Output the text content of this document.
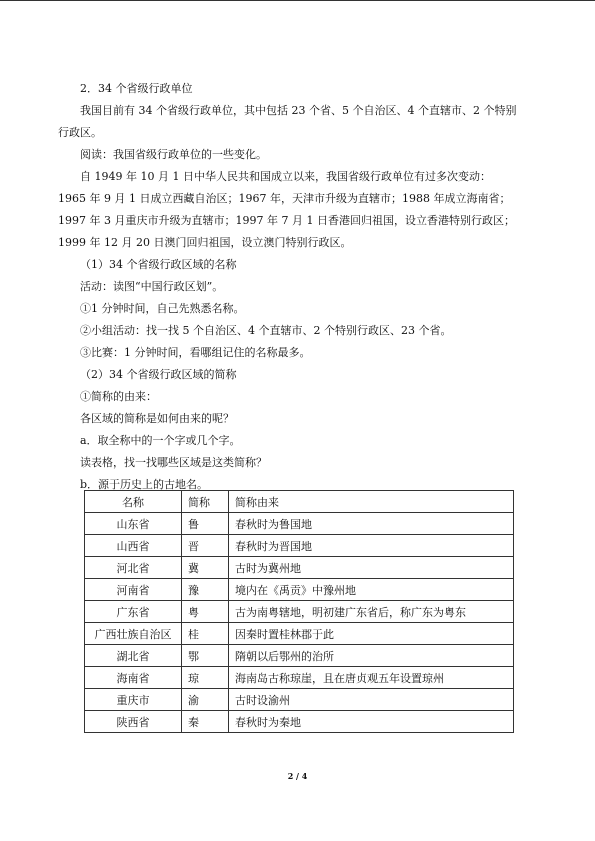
2．34 个省级行政单位

我国目前有 34 个省级行政单位，其中包括 23 个省、5 个自治区、4 个直辖市、2 个特别行政区。

阅读：我国省级行政单位的一些变化。

自 1949 年 10 月 1 日中华人民共和国成立以来，我国省级行政单位有过多次变动：1965 年 9 月 1 日成立西藏自治区；1967 年，天津市升级为直辖市；1988 年成立海南省；1997 年 3 月重庆市升级为直辖市；1997 年 7 月 1 日香港回归祖国，设立香港特别行政区；1999 年 12 月 20 日澳门回归祖国，设立澳门特别行政区。

（1）34 个省级行政区域的名称

活动：读图“中国行政区划”。

①1 分钟时间，自己先熟悉名称。

②小组活动：找一找 5 个自治区、4 个直辖市、2 个特别行政区、23 个省。

③比赛：1 分钟时间，看哪组记住的名称最多。

（2）34 个省级行政区域的简称

①简称的由来：

各区域的简称是如何由来的呢？

a．取全称中的一个字或几个字。

读表格，找一找哪些区域是这类简称？

b．源于历史上的古地名。

名称	简称	简称由来
山东省	鲁	春秋时为鲁国地
山西省	晋	春秋时为晋国地
河北省	冀	古时为冀州地
河南省	豫	境内在《禹贡》中豫州地
广东省	粤	古为南粤辖地，明初建广东省后，称广东为粤东
广西壮族自治区	桂	因秦时置桂林郡于此
湖北省	鄂	隋朝以后鄂州的治所
海南省	琼	海南岛古称琼崖，且在唐贞观五年设置琼州
重庆市	渝	古时设渝州
陕西省	秦	春秋时为秦地
2 / 4
